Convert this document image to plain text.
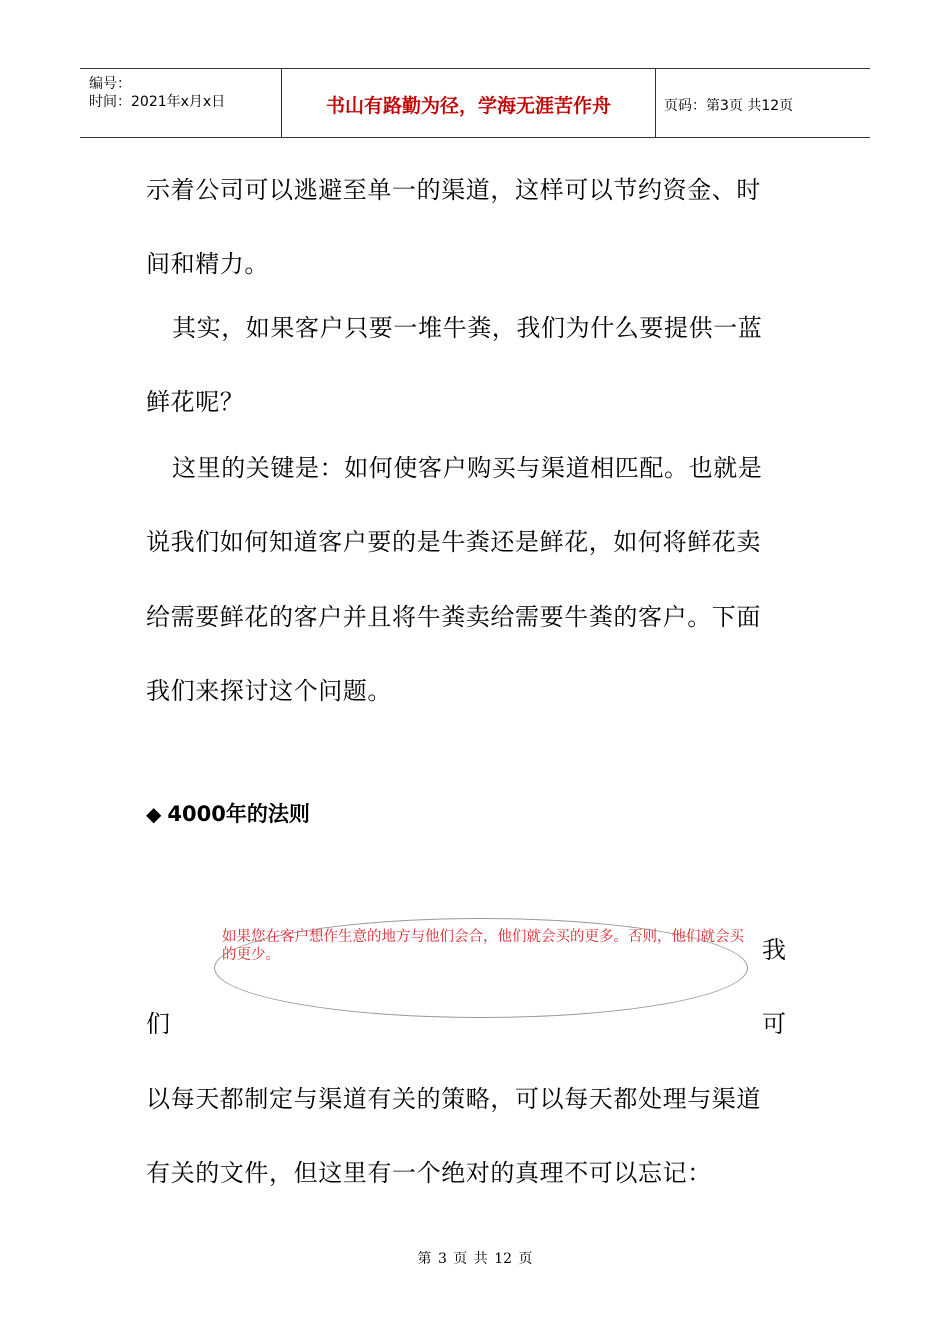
编号：
时间：2021年x月x日	书山有路勤为径，学海无涯苦作舟	页码：第3页 共12页
示着公司可以逃避至单一的渠道，这样可以节约资金、时
间和精力。
其实，如果客户只要一堆牛粪，我们为什么要提供一蓝
鲜花呢？
这里的关键是：如何使客户购买与渠道相匹配。也就是
说我们如何知道客户要的是牛粪还是鲜花，如何将鲜花卖
给需要鲜花的客户并且将牛粪卖给需要牛粪的客户。下面
我们来探讨这个问题。
◆ 4000年的法则
如果您在客户想作生意的地方与他们会合，他们就会买的更多。否则，他们就会买的更少。	我
们	可
以每天都制定与渠道有关的策略，可以每天都处理与渠道
有关的文件，但这里有一个绝对的真理不可以忘记：
第 3 页 共 12 页
